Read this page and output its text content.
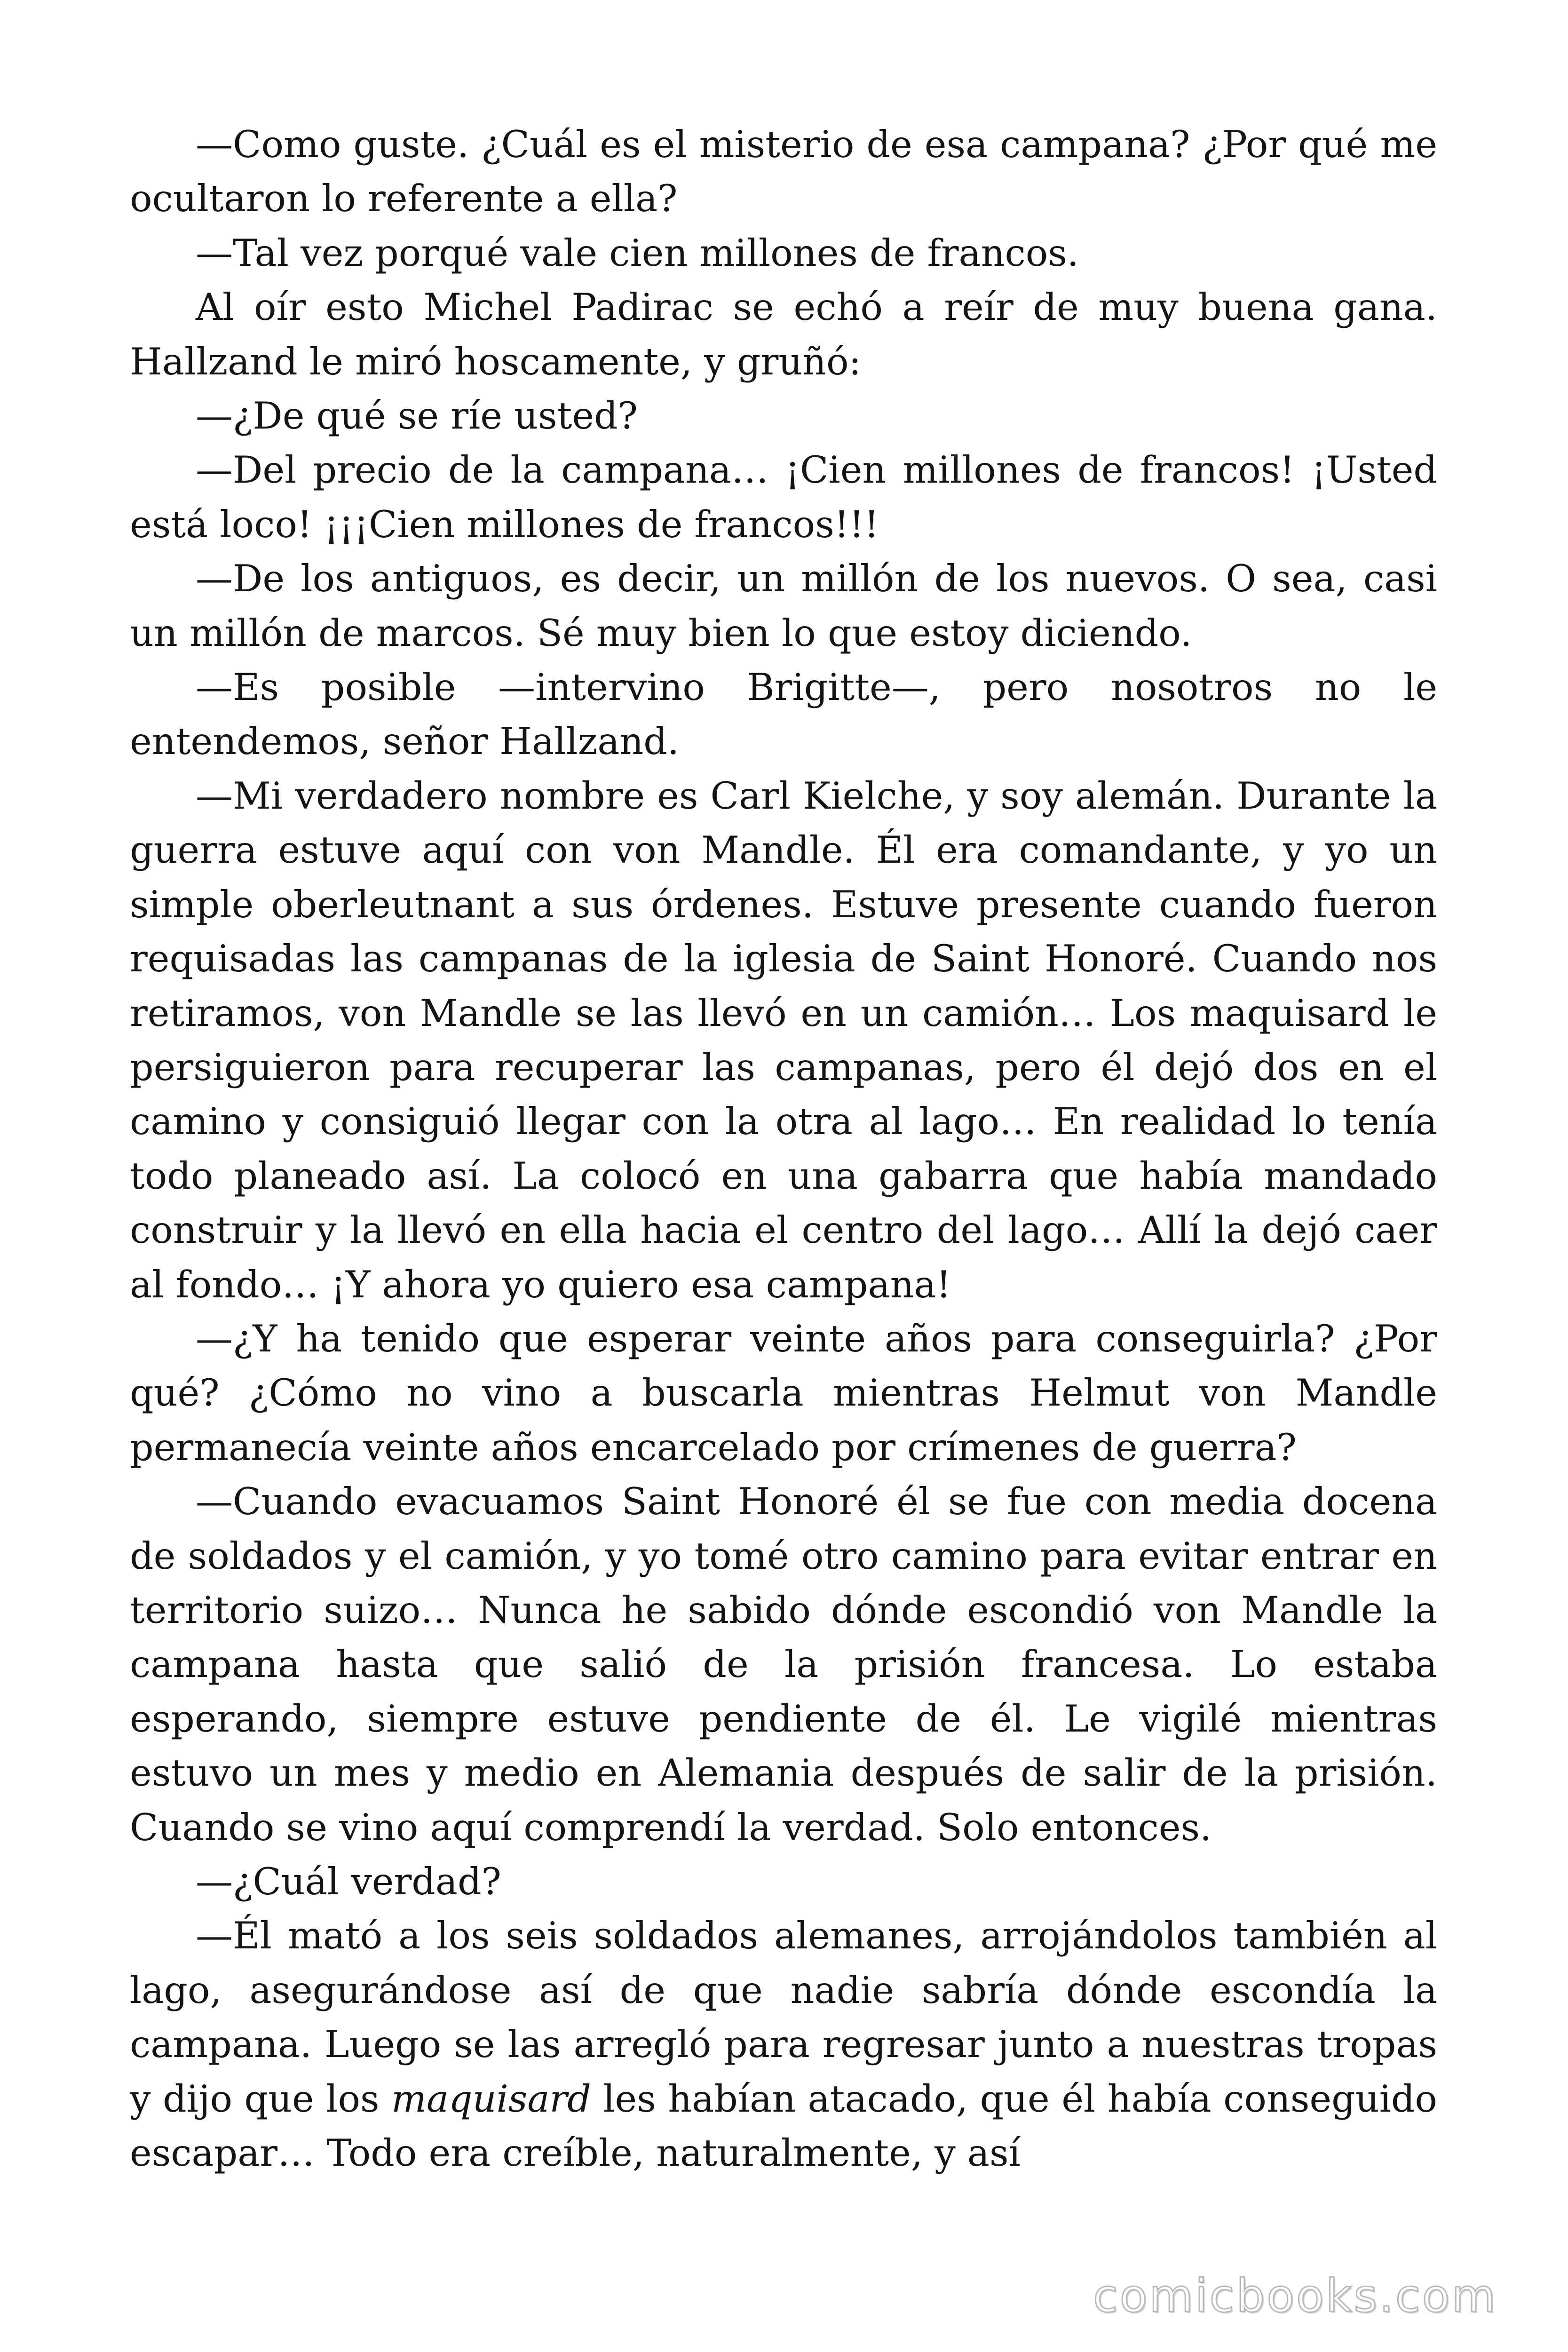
—Como guste. ¿Cuál es el misterio de esa campana? ¿Por qué me ocultaron lo referente a ella?

—Tal vez porqué vale cien millones de francos.

Al oír esto Michel Padirac se echó a reír de muy buena gana. Hallzand le miró hoscamente, y gruñó:

—¿De qué se ríe usted?

—Del precio de la campana… ¡Cien millones de francos! ¡Usted está loco! ¡¡¡Cien millones de francos!!!

—De los antiguos, es decir, un millón de los nuevos. O sea, casi un millón de marcos. Sé muy bien lo que estoy diciendo.

—Es posible —intervino Brigitte—, pero nosotros no le entendemos, señor Hallzand.

—Mi verdadero nombre es Carl Kielche, y soy alemán. Durante la guerra estuve aquí con von Mandle. Él era comandante, y yo un simple oberleutnant a sus órdenes. Estuve presente cuando fueron requisadas las campanas de la iglesia de Saint Honoré. Cuando nos retiramos, von Mandle se las llevó en un camión… Los maquisard le persiguieron para recuperar las campanas, pero él dejó dos en el camino y consiguió llegar con la otra al lago… En realidad lo tenía todo planeado así. La colocó en una gabarra que había mandado construir y la llevó en ella hacia el centro del lago… Allí la dejó caer al fondo… ¡Y ahora yo quiero esa campana!

—¿Y ha tenido que esperar veinte años para conseguirla? ¿Por qué? ¿Cómo no vino a buscarla mientras Helmut von Mandle permanecía veinte años encarcelado por crímenes de guerra?

—Cuando evacuamos Saint Honoré él se fue con media docena de soldados y el camión, y yo tomé otro camino para evitar entrar en territorio suizo… Nunca he sabido dónde escondió von Mandle la campana hasta que salió de la prisión francesa. Lo estaba esperando, siempre estuve pendiente de él. Le vigilé mientras estuvo un mes y medio en Alemania después de salir de la prisión. Cuando se vino aquí comprendí la verdad. Solo entonces.

—¿Cuál verdad?

—Él mató a los seis soldados alemanes, arrojándolos también al lago, asegurándose así de que nadie sabría dónde escondía la campana. Luego se las arregló para regresar junto a nuestras tropas y dijo que los maquisard les habían atacado, que él había conseguido escapar… Todo era creíble, naturalmente, y así

comicbooks.com
